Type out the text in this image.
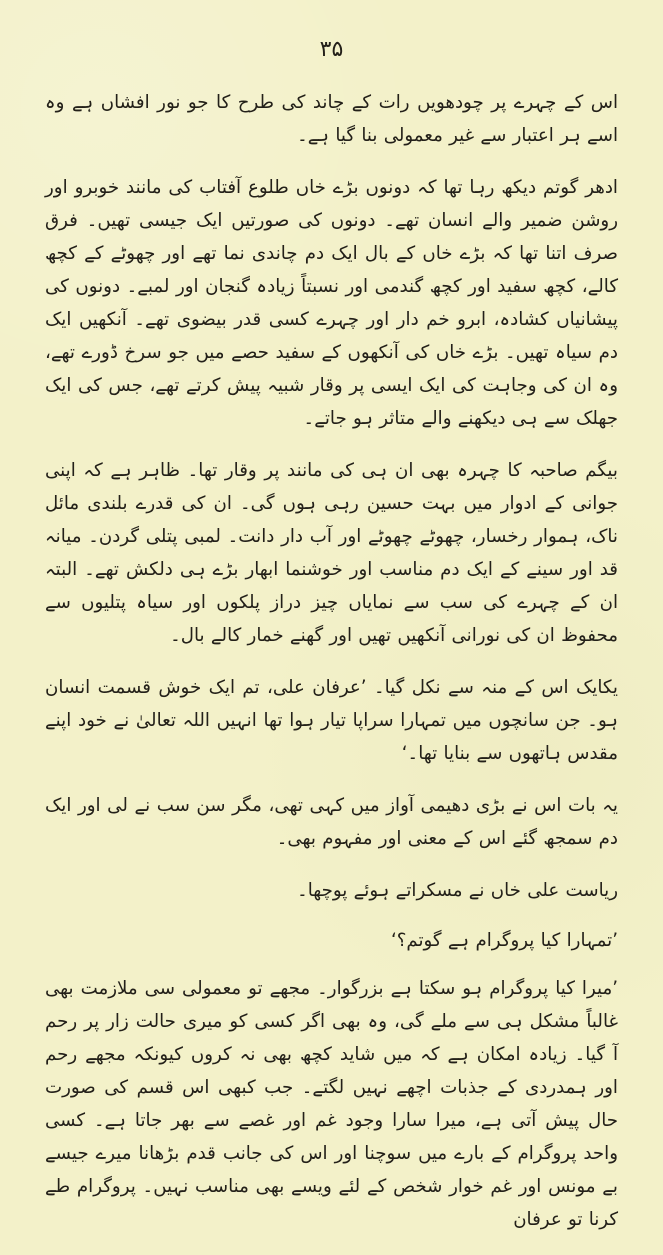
۳۵

اس کے چہرے پر چودھویں رات کے چاند کی طرح کا جو نور افشاں ہے وہ اسے ہر اعتبار سے غیر معمولی بنا گیا ہے۔

ادھر گوتم دیکھ رہا تھا کہ دونوں بڑے خاں طلوع آفتاب کی مانند خوبرو اور روشن ضمیر والے انسان تھے۔ دونوں کی صورتیں ایک جیسی تھیں۔ فرق صرف اتنا تھا کہ بڑے خاں کے بال ایک دم چاندی نما تھے اور چھوٹے کے کچھ کالے، کچھ سفید اور کچھ گندمی اور نسبتاً زیادہ گنجان اور لمبے۔ دونوں کی پیشانیاں کشادہ، ابرو خم دار اور چہرے کسی قدر بیضوی تھے۔ آنکھیں ایک دم سیاہ تھیں۔ بڑے خاں کی آنکھوں کے سفید حصے میں جو سرخ ڈورے تھے، وہ ان کی وجاہت کی ایک ایسی پر وقار شبیہ پیش کرتے تھے، جس کی ایک جھلک سے ہی دیکھنے والے متاثر ہو جاتے۔

بیگم صاحبہ کا چہرہ بھی ان ہی کی مانند پر وقار تھا۔ ظاہر ہے کہ اپنی جوانی کے ادوار میں بہت حسین رہی ہوں گی۔ ان کی قدرے بلندی مائل ناک، ہموار رخسار، چھوٹے چھوٹے اور آب دار دانت۔ لمبی پتلی گردن۔ میانہ قد اور سینے کے ایک دم مناسب اور خوشنما ابھار بڑے ہی دلکش تھے۔ البتہ ان کے چہرے کی سب سے نمایاں چیز دراز پلکوں اور سیاہ پتلیوں سے محفوظ ان کی نورانی آنکھیں تھیں اور گھنے خمار کالے بال۔

یکایک اس کے منہ سے نکل گیا۔ ’عرفان علی، تم ایک خوش قسمت انسان ہو۔ جن سانچوں میں تمہارا سراپا تیار ہوا تھا انہیں اللہ تعالیٰ نے خود اپنے مقدس ہاتھوں سے بنایا تھا۔‘

یہ بات اس نے بڑی دھیمی آواز میں کہی تھی، مگر سن سب نے لی اور ایک دم سمجھ گئے اس کے معنی اور مفہوم بھی۔

ریاست علی خاں نے مسکراتے ہوئے پوچھا۔

’تمہارا کیا پروگرام ہے گوتم؟‘

’میرا کیا پروگرام ہو سکتا ہے بزرگوار۔ مجھے تو معمولی سی ملازمت بھی غالباً مشکل ہی سے ملے گی، وہ بھی اگر کسی کو میری حالت زار پر رحم آ گیا۔ زیادہ امکان ہے کہ میں شاید کچھ بھی نہ کروں کیونکہ مجھے رحم اور ہمدردی کے جذبات اچھے نہیں لگتے۔ جب کبھی اس قسم کی صورت حال پیش آتی ہے، میرا سارا وجود غم اور غصے سے بھر جاتا ہے۔ کسی واحد پروگرام کے بارے میں سوچنا اور اس کی جانب قدم بڑھانا میرے جیسے بے مونس اور غم خوار شخص کے لئے ویسے بھی مناسب نہیں۔ پروگرام طے کرنا تو عرفان
